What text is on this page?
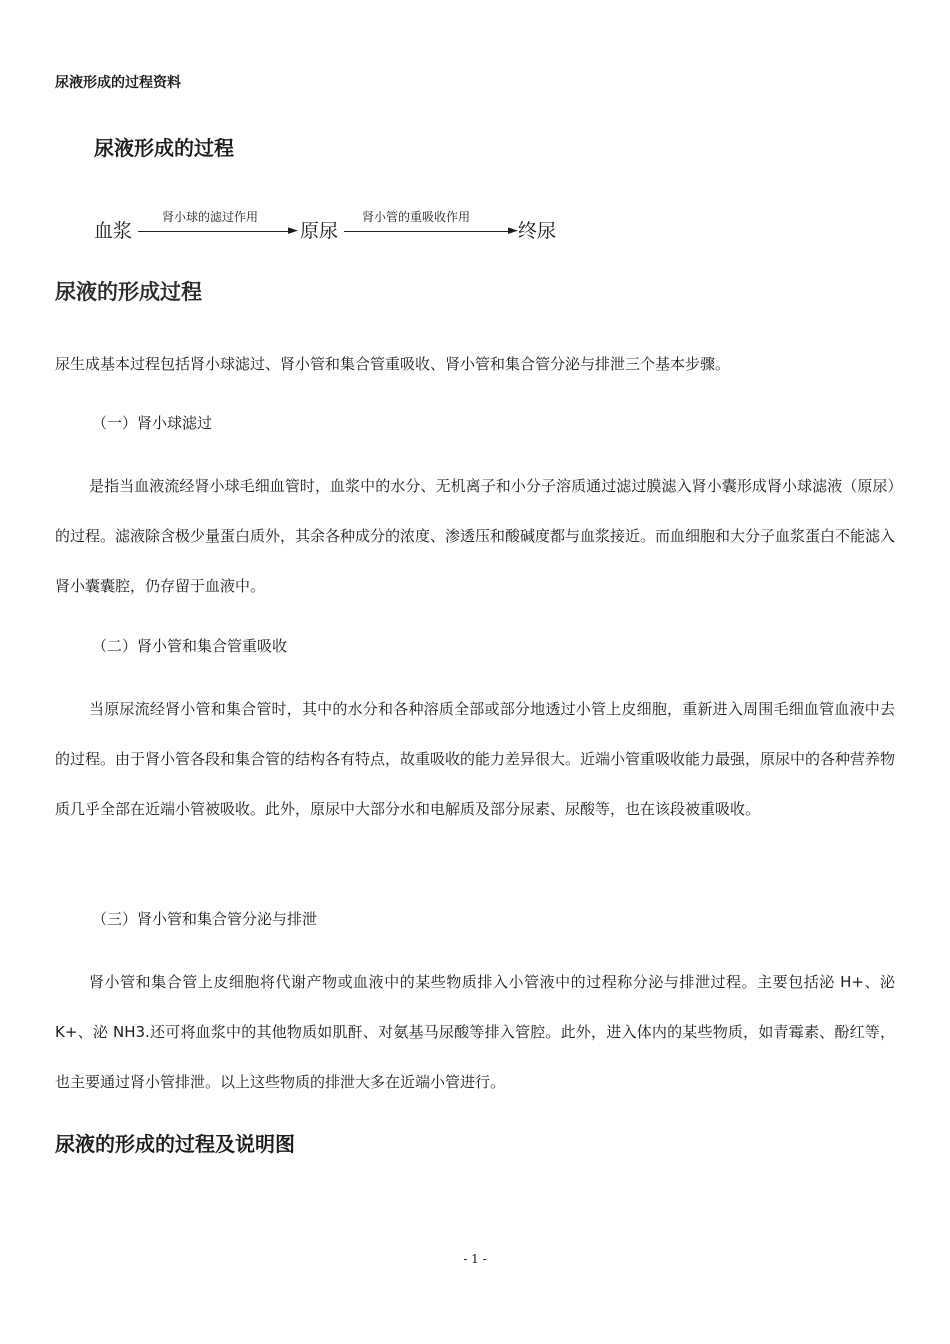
尿液形成的过程资料
尿液形成的过程
血浆
肾小球的滤过作用
► 原尿
肾小管的重吸收作用
► 终尿
尿液的形成过程

尿生成基本过程包括肾小球滤过、肾小管和集合管重吸收、肾小管和集合管分泌与排泄三个基本步骤。

（一）肾小球滤过

是指当血液流经肾小球毛细血管时，血浆中的水分、无机离子和小分子溶质通过滤过膜滤入肾小囊形成肾小球滤液（原尿）的过程。滤液除含极少量蛋白质外，其余各种成分的浓度、渗透压和酸碱度都与血浆接近。而血细胞和大分子血浆蛋白不能滤入肾小囊囊腔，仍存留于血液中。

（二）肾小管和集合管重吸收

当原尿流经肾小管和集合管时，其中的水分和各种溶质全部或部分地透过小管上皮细胞，重新进入周围毛细血管血液中去的过程。由于肾小管各段和集合管的结构各有特点，故重吸收的能力差异很大。近端小管重吸收能力最强，原尿中的各种营养物质几乎全部在近端小管被吸收。此外，原尿中大部分水和电解质及部分尿素、尿酸等，也在该段被重吸收。

（三）肾小管和集合管分泌与排泄

肾小管和集合管上皮细胞将代谢产物或血液中的某些物质排入小管液中的过程称分泌与排泄过程。主要包括泌 H+、泌 K+、泌 NH3.还可将血浆中的其他物质如肌酐、对氨基马尿酸等排入管腔。此外，进入体内的某些物质，如青霉素、酚红等，也主要通过肾小管排泄。以上这些物质的排泄大多在近端小管进行。

尿液的形成的过程及说明图
- 1 -
